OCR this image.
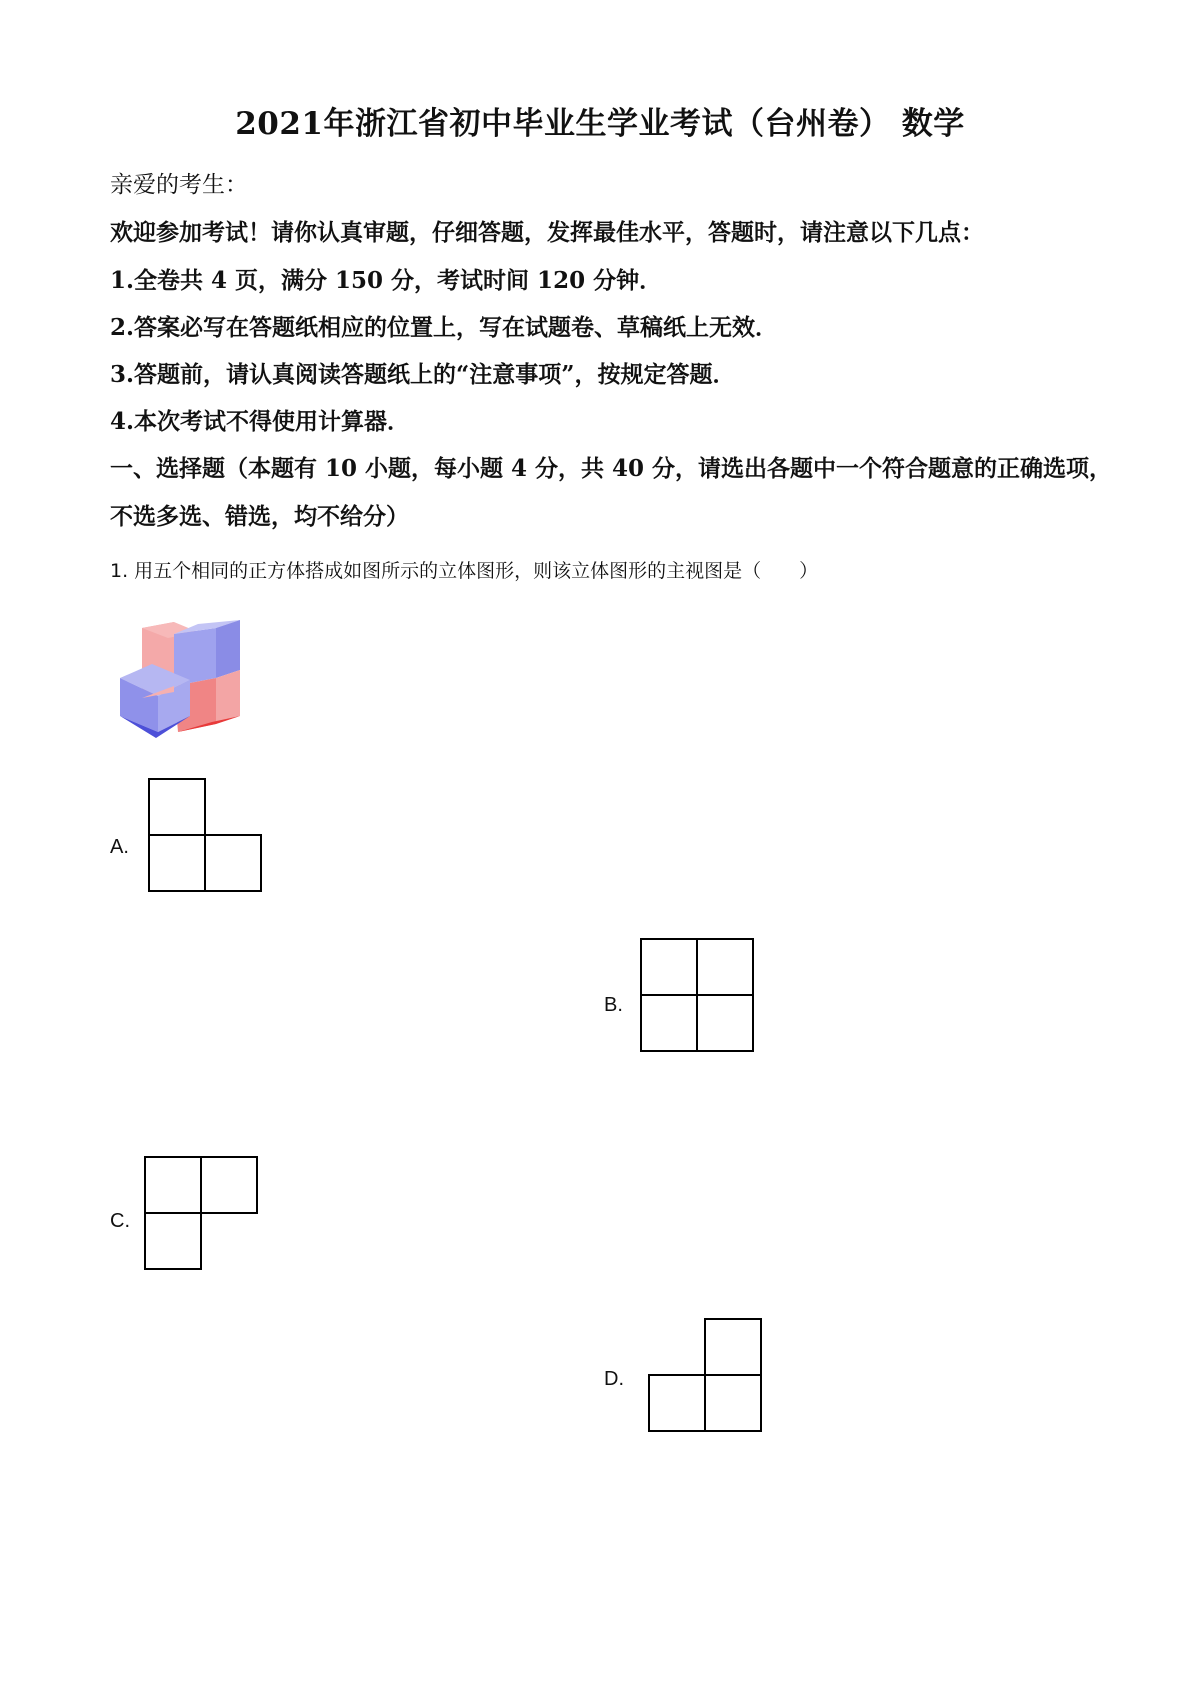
2021年浙江省初中毕业生学业考试（台州卷） 数学
亲爱的考生：
欢迎参加考试！请你认真审题，仔细答题，发挥最佳水平，答题时，请注意以下几点：
1.全卷共 4 页，满分 150 分，考试时间 120 分钟．
2.答案必写在答题纸相应的位置上，写在试题卷、草稿纸上无效．
3.答题前，请认真阅读答题纸上的“注意事项”，按规定答题．
4.本次考试不得使用计算器．
一、选择题（本题有 10 小题，每小题 4 分，共 40 分，请选出各题中一个符合题意的正确选项，
不选多选、错选，均不给分）
1. 用五个相同的正方体搭成如图所示的立体图形，则该立体图形的主视图是（　　）
A.
B.
C.
D.
